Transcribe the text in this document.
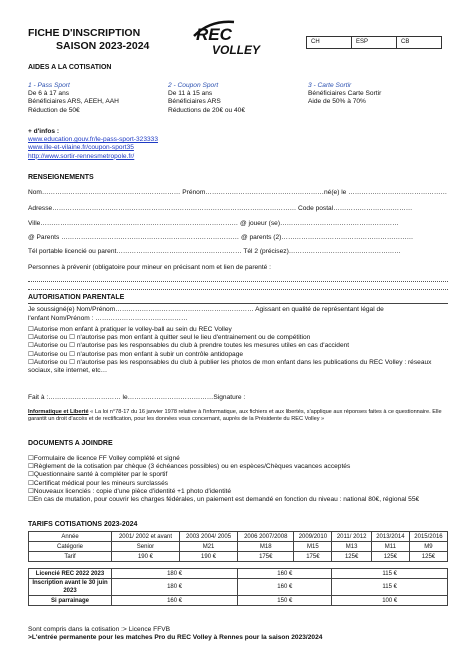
FICHE D'INSCRIPTION
SAISON 2023-2024
REC
VOLLEY
CH	ESP	CB
AIDES A LA COTISATION
1 - Pass Sport
De 6 à 17 ans
Bénéficiaires ARS, AEEH, AAH
Réduction de 50€
2 - Coupon Sport
De 11 à 15 ans
Bénéficiaires ARS
Réductions de 20€ ou 40€
3 - Carte Sortir
Bénéficiaires Carte Sortir
Aide de 50% à 70%
+ d'infos :
www.education.gouv.fr/le-pass-sport-323333
www.ille-et-vilaine.fr/coupon-sport35
http://www.sortir-rennesmetropole.fr/
RENSEIGNEMENTS
Nom……………………………………………………… Prénom………………………………………………né(e) le ………………………………………
Adresse………………………………………………………………………………………………… Code postal………………………………
Ville……………………………………………………………………………… @ joueur (se)………………………………………………
@ Parents ……………………………………………………………………… @ parents (2)……………………………………………………
Tél portable licencié ou parent………………………………………………… Tél 2 (précisez)……………………………………………
Personnes à prévenir (obligatoire pour mineur en précisant nom et lien de parenté :
AUTORISATION PARENTALE
Je soussigné(e) Nom/Prénom……………………………………………………… Agissant en qualité de représentant légal de
l'enfant Nom/Prénom : ……………………………………
☐Autorise mon enfant à pratiquer le volley-ball au sein du REC Volley
☐Autorise ou ☐ n'autorise pas mon enfant à quitter seul le lieu d'entrainement ou de compétition
☐Autorise ou ☐ n'autorise pas les responsables du club à prendre toutes les mesures utiles en cas d'accident
☐Autorise ou ☐ n'autorise pas mon enfant à subir un contrôle antidopage
☐Autorise ou ☐ n'autorise pas les responsables du club à publier les photos de mon enfant dans les publications du REC Volley : réseaux sociaux, site internet, etc…
Fait à :…………………………… le…………………………………Signature :
Informatique et Liberté « La loi n°78-17 du 16 janvier 1978 relative à l'informatique, aux fichiers et aux libertés, s'applique aux réponses faites à ce questionnaire. Elle garantit un droit d'accès et de rectification, pour les données vous concernant, auprès de la Présidente du REC Volley »
DOCUMENTS A JOINDRE
☐Formulaire de licence FF Volley complété et signé
☐Règlement de la cotisation par chèque (3 échéances possibles) ou en espèces/Chèques vacances acceptés
☐Questionnaire santé à compléter par le sportif
☐Certificat médical pour les mineurs surclassés
☐Nouveaux licenciés : copie d'une pièce d'identité +1 photo d'identité
☐En cas de mutation, pour couvrir les charges fédérales, un paiement est demandé en fonction du niveau : national 80€, régional 55€
TARIFS COTISATIONS 2023-2024
Année	2001/ 2002 et avant	2003 2004/ 2005	2006 2007/2008	2009/2010	2011/ 2012	2013/2014	2015/2016
Catégorie	Senior	M21	M18	M15	M13	M11	M9
Tarif	190 €	190 €	175€	175€	125€	125€	125€

Licencié REC 2022 2023	180 €		160 €		115 €		
Inscription avant le 30 juin 2023	180 €		160 €		115 €		
Si parrainage	160 €		150 €		100 €		
Sont compris dans la cotisation :> Licence FFVB
>L'entrée permanente pour les matches Pro du REC Volley à Rennes pour la saison 2023/2024
